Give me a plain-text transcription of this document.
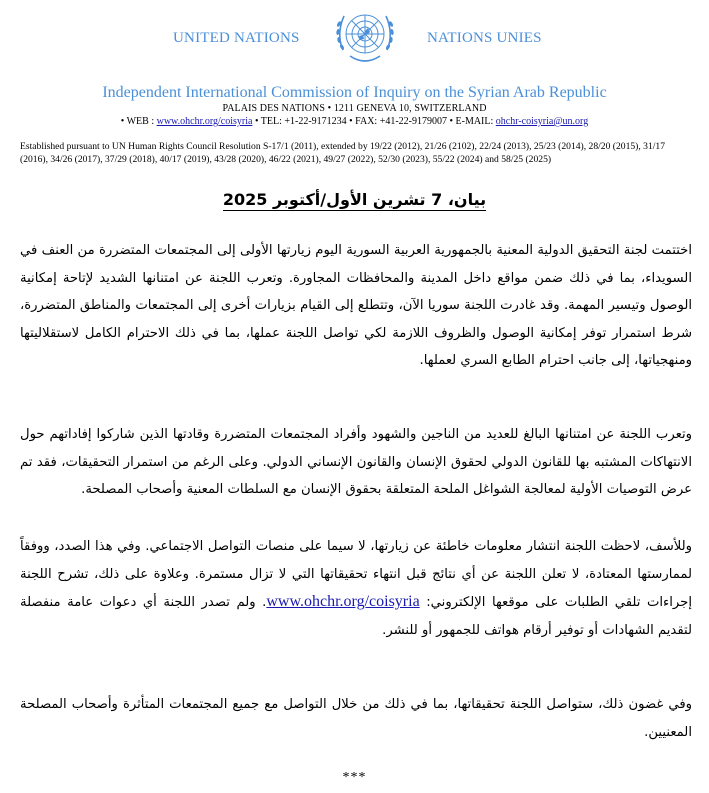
UNITED NATIONS	NATIONS UNIES
Independent International Commission of Inquiry on the Syrian Arab Republic
PALAIS DES NATIONS • 1211 GENEVA 10, SWITZERLAND
• WEB : www.ohchr.org/coisyria • TEL: +1-22-9171234 • FAX: +41-22-9179007 • E-MAIL: ohchr-coisyria@un.org
Established pursuant to UN Human Rights Council Resolution S-17/1 (2011), extended by 19/22 (2012), 21/26 (2102), 22/24 (2013), 25/23 (2014), 28/20 (2015), 31/17 (2016), 34/26 (2017), 37/29 (2018), 40/17 (2019), 43/28 (2020), 46/22 (2021), 49/27 (2022), 52/30 (2023), 55/22 (2024) and 58/25 (2025)
بيان، 7 تشرين الأول/أكتوبر 2025

اختتمت لجنة التحقيق الدولية المعنية بالجمهورية العربية السورية اليوم زيارتها الأولى إلى المجتمعات المتضررة من العنف في السويداء، بما في ذلك ضمن مواقع داخل المدينة والمحافظات المجاورة. وتعرب اللجنة عن امتنانها الشديد لإتاحة إمكانية الوصول وتيسير المهمة. وقد غادرت اللجنة سوريا الآن، وتتطلع إلى القيام بزيارات أخرى إلى المجتمعات والمناطق المتضررة، شرط استمرار توفر إمكانية الوصول والظروف اللازمة لكي تواصل اللجنة عملها، بما في ذلك الاحترام الكامل لاستقلاليتها ومنهجياتها، إلى جانب احترام الطابع السري لعملها.

وتعرب اللجنة عن امتنانها البالغ للعديد من الناجين والشهود وأفراد المجتمعات المتضررة وقادتها الذين شاركوا إفاداتهم حول الانتهاكات المشتبه بها للقانون الدولي لحقوق الإنسان والقانون الإنساني الدولي. وعلى الرغم من استمرار التحقيقات، فقد تم عرض التوصيات الأولية لمعالجة الشواغل الملحة المتعلقة بحقوق الإنسان مع السلطات المعنية وأصحاب المصلحة.

وللأسف، لاحظت اللجنة انتشار معلومات خاطئة عن زيارتها، لا سيما على منصات التواصل الاجتماعي. وفي هذا الصدد، ووفقاً لممارستها المعتادة، لا تعلن اللجنة عن أي نتائج قبل انتهاء تحقيقاتها التي لا تزال مستمرة. وعلاوة على ذلك، تشرح اللجنة إجراءات تلقي الطلبات على موقعها الإلكتروني: www.ohchr.org/coisyria. ولم تصدر اللجنة أي دعوات عامة منفصلة لتقديم الشهادات أو توفير أرقام هواتف للجمهور أو للنشر.

وفي غضون ذلك، ستواصل اللجنة تحقيقاتها، بما في ذلك من خلال التواصل مع جميع المجتمعات المتأثرة وأصحاب المصلحة المعنيين.

***
